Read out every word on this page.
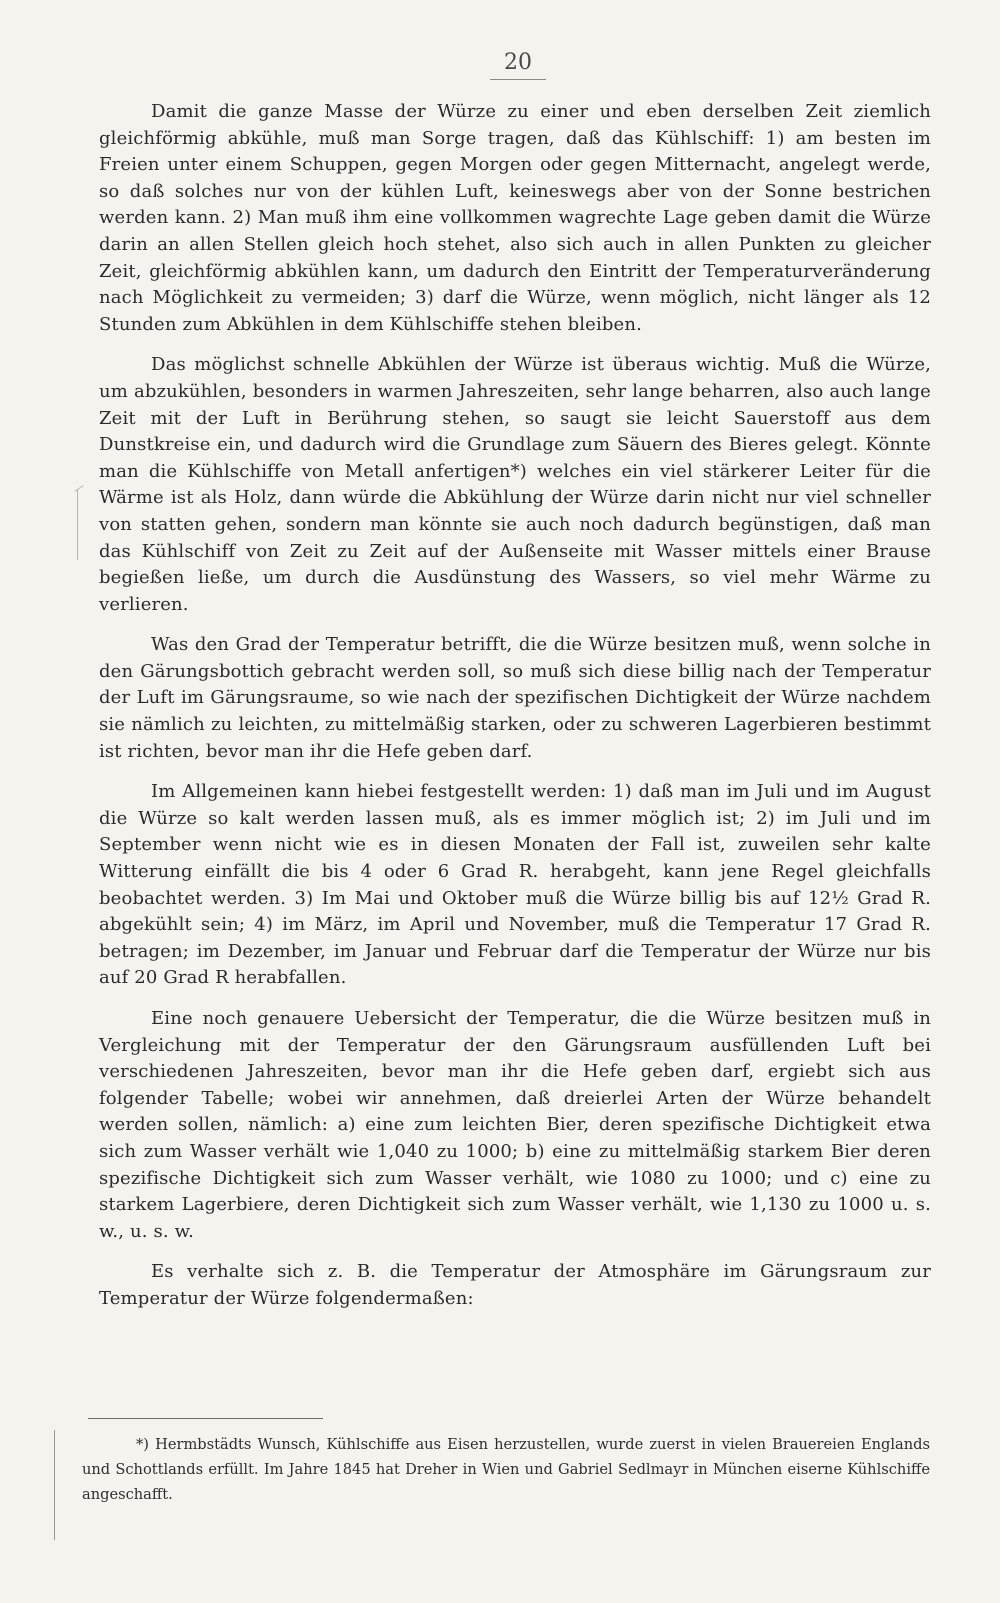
20

Damit die ganze Masse der Würze zu einer und eben derselben Zeit ziemlich gleichförmig abkühle, muß man Sorge tragen, daß das Kühlschiff: 1) am besten im Freien unter einem Schuppen, gegen Morgen oder gegen Mitternacht, angelegt werde, so daß solches nur von der kühlen Luft, keineswegs aber von der Sonne bestrichen werden kann. 2) Man muß ihm eine vollkommen wagrechte Lage geben damit die Würze darin an allen Stellen gleich hoch stehet, also sich auch in allen Punkten zu gleicher Zeit, gleichförmig abkühlen kann, um dadurch den Eintritt der Temperaturveränderung nach Möglichkeit zu vermeiden; 3) darf die Würze, wenn möglich, nicht länger als 12 Stunden zum Abkühlen in dem Kühlschiffe stehen bleiben.

Das möglichst schnelle Abkühlen der Würze ist überaus wichtig. Muß die Würze, um abzukühlen, besonders in warmen Jahreszeiten, sehr lange beharren, also auch lange Zeit mit der Luft in Berührung stehen, so saugt sie leicht Sauerstoff aus dem Dunstkreise ein, und dadurch wird die Grundlage zum Säuern des Bieres gelegt. Könnte man die Kühlschiffe von Metall anfertigen*) welches ein viel stärkerer Leiter für die Wärme ist als Holz, dann würde die Abkühlung der Würze darin nicht nur viel schneller von statten gehen, sondern man könnte sie auch noch dadurch begünstigen, daß man das Kühlschiff von Zeit zu Zeit auf der Außenseite mit Wasser mittels einer Brause begießen ließe, um durch die Ausdünstung des Wassers, so viel mehr Wärme zu verlieren.

Was den Grad der Temperatur betrifft, die die Würze besitzen muß, wenn solche in den Gärungsbottich gebracht werden soll, so muß sich diese billig nach der Temperatur der Luft im Gärungsraume, so wie nach der spezifischen Dichtigkeit der Würze nachdem sie nämlich zu leichten, zu mittelmäßig starken, oder zu schweren Lagerbieren bestimmt ist richten, bevor man ihr die Hefe geben darf.

Im Allgemeinen kann hiebei festgestellt werden: 1) daß man im Juli und im August die Würze so kalt werden lassen muß, als es immer möglich ist; 2) im Juli und im September wenn nicht wie es in diesen Monaten der Fall ist, zuweilen sehr kalte Witterung einfällt die bis 4 oder 6 Grad R. herabgeht, kann jene Regel gleichfalls beobachtet werden. 3) Im Mai und Oktober muß die Würze billig bis auf 12½ Grad R. abgekühlt sein; 4) im März, im April und November, muß die Temperatur 17 Grad R. betragen; im Dezember, im Januar und Februar darf die Temperatur der Würze nur bis auf 20 Grad R herabfallen.

Eine noch genauere Uebersicht der Temperatur, die die Würze besitzen muß in Vergleichung mit der Temperatur der den Gärungsraum ausfüllenden Luft bei verschiedenen Jahreszeiten, bevor man ihr die Hefe geben darf, ergiebt sich aus folgender Tabelle; wobei wir annehmen, daß dreierlei Arten der Würze behandelt werden sollen, nämlich: a) eine zum leichten Bier, deren spezifische Dichtigkeit etwa sich zum Wasser verhält wie 1,040 zu 1000; b) eine zu mittelmäßig starkem Bier deren spezifische Dichtigkeit sich zum Wasser verhält, wie 1080 zu 1000; und c) eine zu starkem Lagerbiere, deren Dichtigkeit sich zum Wasser verhält, wie 1,130 zu 1000 u. s. w., u. s. w.

Es verhalte sich z. B. die Temperatur der Atmosphäre im Gärungsraum zur Temperatur der Würze folgendermaßen:

*) Hermbstädts Wunsch, Kühlschiffe aus Eisen herzustellen, wurde zuerst in vielen Brauereien Englands und Schottlands erfüllt. Im Jahre 1845 hat Dreher in Wien und Gabriel Sedlmayr in München eiserne Kühlschiffe angeschafft.
